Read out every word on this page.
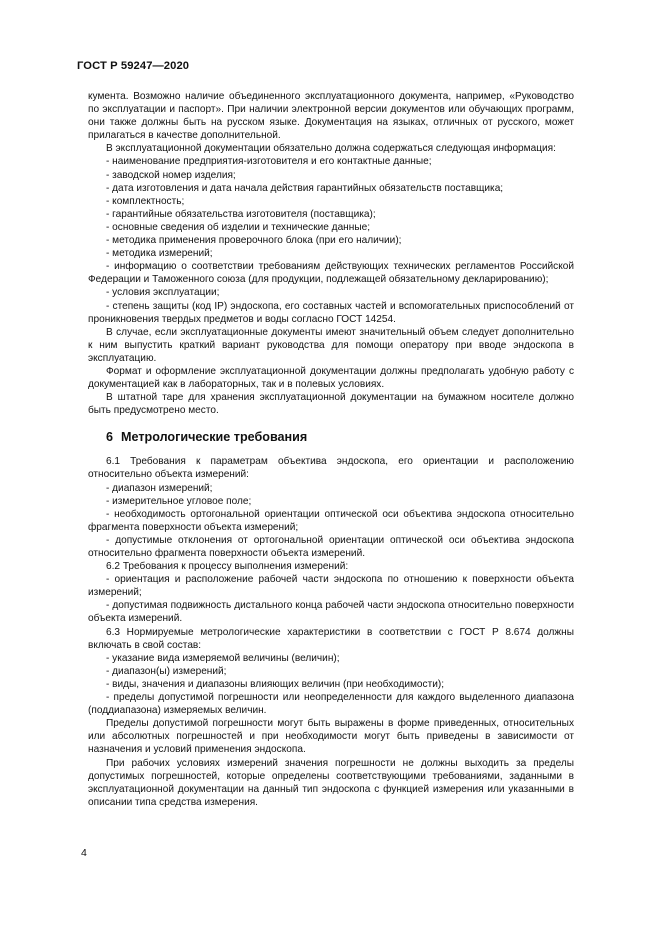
ГОСТ Р 59247—2020

кумента. Возможно наличие объединенного эксплуатационного документа, например, «Руководство по эксплуатации и паспорт». При наличии электронной версии документов или обучающих программ, они также должны быть на русском языке. Документация на языках, отличных от русского, может прилагаться в качестве дополнительной.

В эксплуатационной документации обязательно должна содержаться следующая информация:

- наименование предприятия-изготовителя и его контактные данные;

- заводской номер изделия;

- дата изготовления и дата начала действия гарантийных обязательств поставщика;

- комплектность;

- гарантийные обязательства изготовителя (поставщика);

- основные сведения об изделии и технические данные;

- методика применения проверочного блока (при его наличии);

- методика измерений;

- информацию о соответствии требованиям действующих технических регламентов Российской Федерации и Таможенного союза (для продукции, подлежащей обязательному декларированию);

- условия эксплуатации;

- степень защиты (код IP) эндоскопа, его составных частей и вспомогательных приспособлений от проникновения твердых предметов и воды согласно ГОСТ 14254.

В случае, если эксплуатационные документы имеют значительный объем следует дополнительно к ним выпустить краткий вариант руководства для помощи оператору при вводе эндоскопа в эксплуатацию.

Формат и оформление эксплуатационной документации должны предполагать удобную работу с документацией как в лабораторных, так и в полевых условиях.

В штатной таре для хранения эксплуатационной документации на бумажном носителе должно быть предусмотрено место.

6 Метрологические требования

6.1 Требования к параметрам объектива эндоскопа, его ориентации и расположению относительно объекта измерений:

- диапазон измерений;

- измерительное угловое поле;

- необходимость ортогональной ориентации оптической оси объектива эндоскопа относительно фрагмента поверхности объекта измерений;

- допустимые отклонения от ортогональной ориентации оптической оси объектива эндоскопа относительно фрагмента поверхности объекта измерений.

6.2 Требования к процессу выполнения измерений:

- ориентация и расположение рабочей части эндоскопа по отношению к поверхности объекта измерений;

- допустимая подвижность дистального конца рабочей части эндоскопа относительно поверхности объекта измерений.

6.3 Нормируемые метрологические характеристики в соответствии с ГОСТ Р 8.674 должны включать в свой состав:

- указание вида измеряемой величины (величин);

- диапазон(ы) измерений;

- виды, значения и диапазоны влияющих величин (при необходимости);

- пределы допустимой погрешности или неопределенности для каждого выделенного диапазона (поддиапазона) измеряемых величин.

Пределы допустимой погрешности могут быть выражены в форме приведенных, относительных или абсолютных погрешностей и при необходимости могут быть приведены в зависимости от назначения и условий применения эндоскопа.

При рабочих условиях измерений значения погрешности не должны выходить за пределы допустимых погрешностей, которые определены соответствующими требованиями, заданными в эксплуатационной документации на данный тип эндоскопа с функцией измерения или указанными в описании типа средства измерения.

4
